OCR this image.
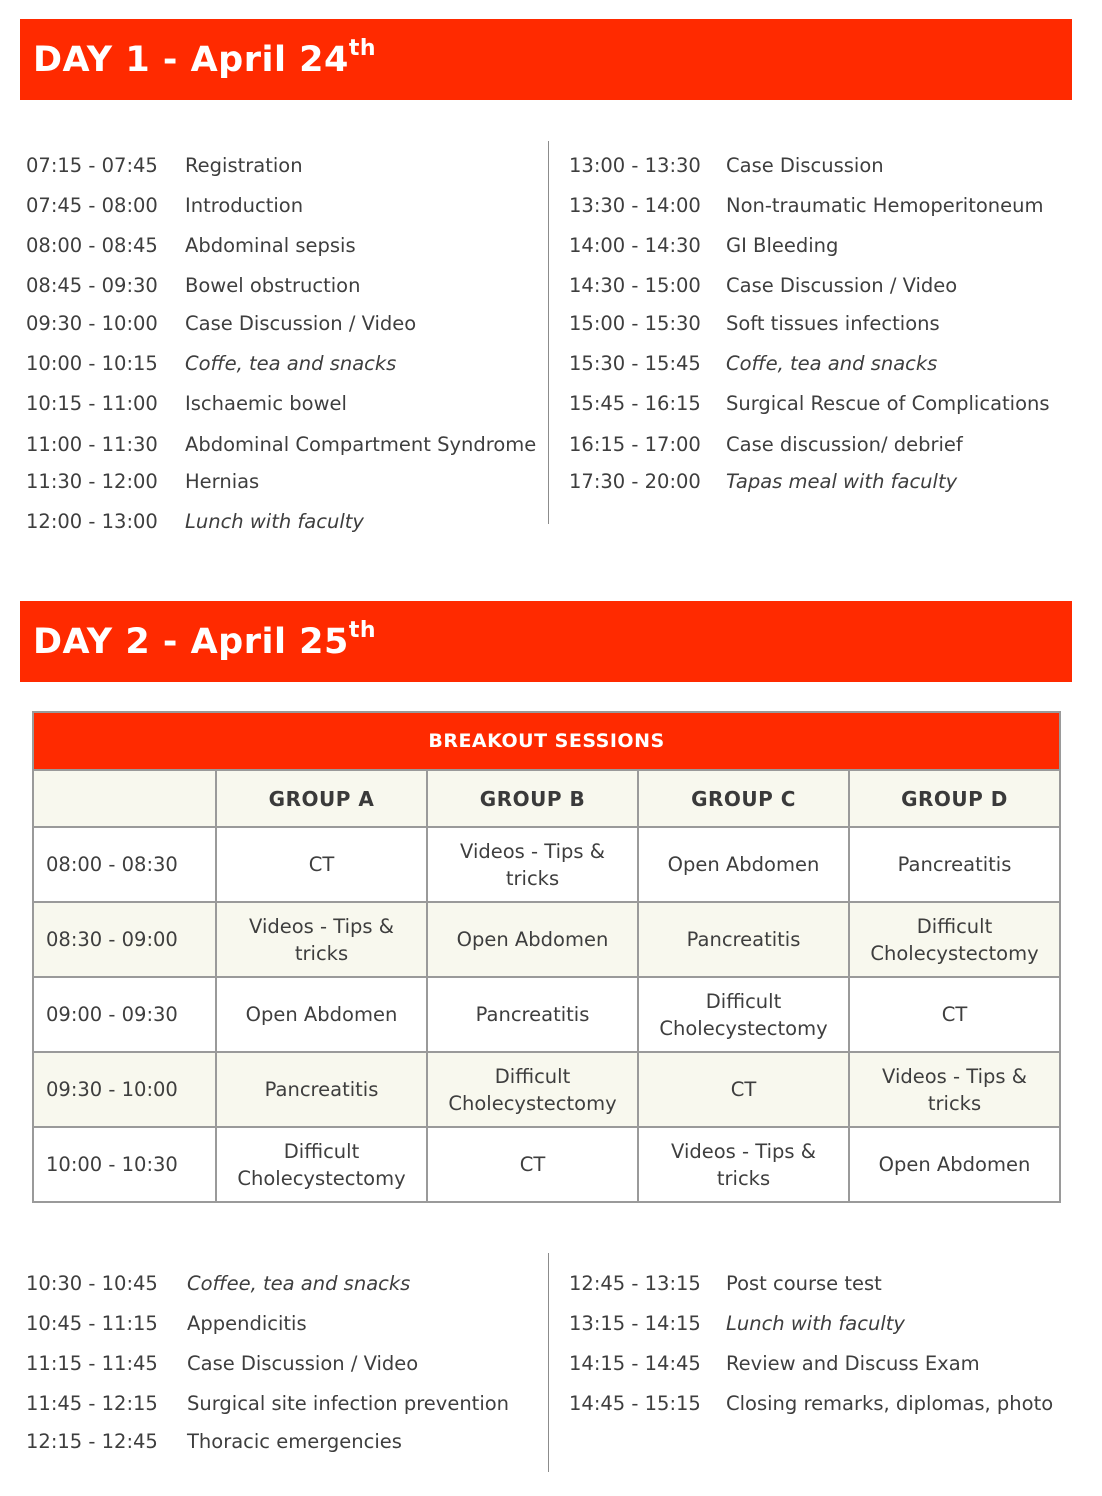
DAY 1 - April 24th
07:15 - 07:45 Registration
07:45 - 08:00 Introduction
08:00 - 08:45 Abdominal sepsis
08:45 - 09:30 Bowel obstruction
09:30 - 10:00 Case Discussion / Video
10:00 - 10:15 Coffe, tea and snacks
10:15 - 11:00 Ischaemic bowel
11:00 - 11:30 Abdominal Compartment Syndrome
11:30 - 12:00 Hernias
12:00 - 13:00 Lunch with faculty
13:00 - 13:30 Case Discussion
13:30 - 14:00 Non-traumatic Hemoperitoneum
14:00 - 14:30 GI Bleeding
14:30 - 15:00 Case Discussion / Video
15:00 - 15:30 Soft tissues infections
15:30 - 15:45 Coffe, tea and snacks
15:45 - 16:15 Surgical Rescue of Complications
16:15 - 17:00 Case discussion/ debrief
17:30 - 20:00 Tapas meal with faculty
DAY 2 - April 25th
BREAKOUT SESSIONS				
	GROUP A	GROUP B	GROUP C	GROUP D
08:00 - 08:30	CT	Videos - Tips & tricks	Open Abdomen	Pancreatitis
08:30 - 09:00	Videos - Tips & tricks	Open Abdomen	Pancreatitis	Difficult Cholecystectomy
09:00 - 09:30	Open Abdomen	Pancreatitis	Difficult Cholecystectomy	CT
09:30 - 10:00	Pancreatitis	Difficult Cholecystectomy	CT	Videos - Tips & tricks
10:00 - 10:30	Difficult Cholecystectomy	CT	Videos - Tips & tricks	Open Abdomen
10:30 - 10:45 Coffee, tea and snacks
10:45 - 11:15 Appendicitis
11:15 - 11:45 Case Discussion / Video
11:45 - 12:15 Surgical site infection prevention
12:15 - 12:45 Thoracic emergencies
12:45 - 13:15 Post course test
13:15 - 14:15 Lunch with faculty
14:15 - 14:45 Review and Discuss Exam
14:45 - 15:15 Closing remarks, diplomas, photo
